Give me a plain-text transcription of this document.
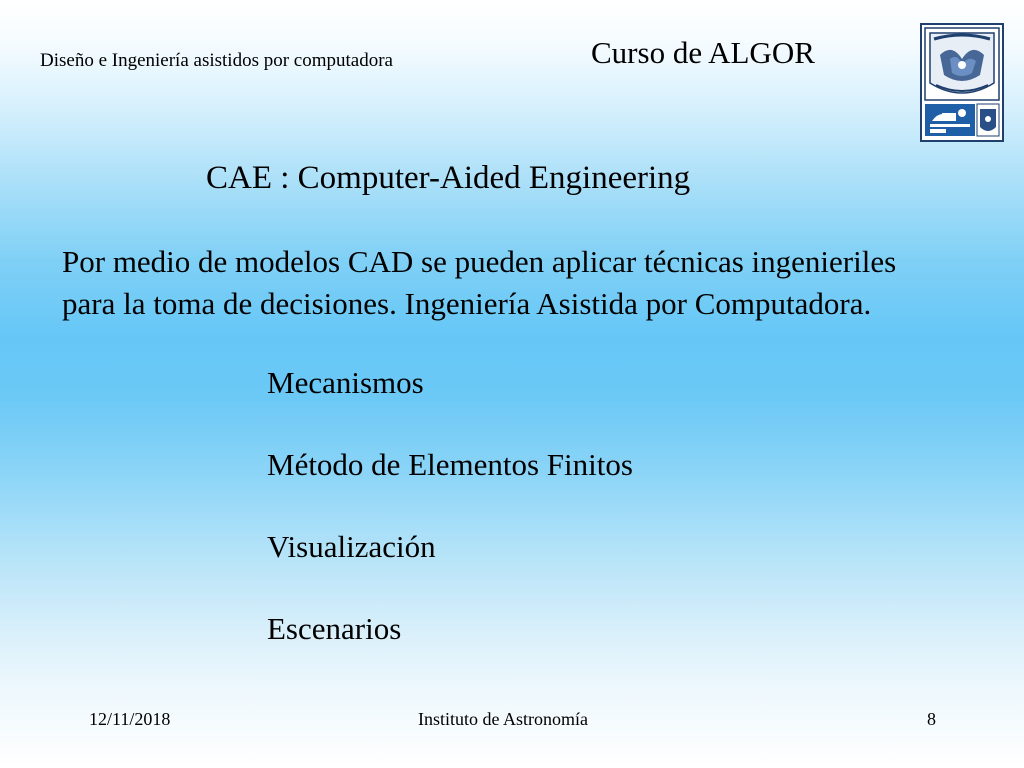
Diseño e Ingeniería asistidos por computadora	Curso de ALGOR
CAE : Computer-Aided Engineering
Por medio de modelos CAD se pueden aplicar técnicas ingenieriles
para la toma de decisiones. Ingeniería Asistida por Computadora.
Mecanismos
Método de Elementos Finitos
Visualización
Escenarios
12/11/2018	Instituto de Astronomía	8
